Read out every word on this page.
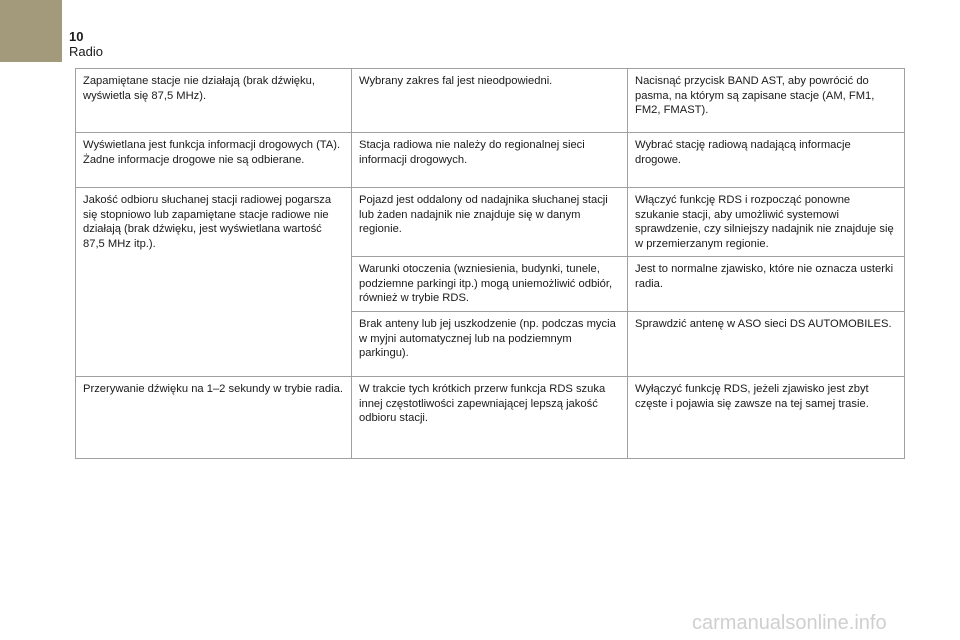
10
Radio
Zapamiętane stacje nie działają (brak dźwięku, wyświetla się 87,5 MHz).	Wybrany zakres fal jest nieodpowiedni.	Nacisnąć przycisk BAND AST, aby powrócić do pasma, na którym są zapisane stacje (AM, FM1, FM2, FMAST).
Wyświetlana jest funkcja informacji drogowych (TA). Żadne informacje drogowe nie są odbierane.	Stacja radiowa nie należy do regionalnej sieci informacji drogowych.	Wybrać stację radiową nadającą informacje drogowe.
Jakość odbioru słuchanej stacji radiowej pogarsza się stopniowo lub zapamiętane stacje radiowe nie działają (brak dźwięku, jest wyświetlana wartość 87,5 MHz itp.).	Pojazd jest oddalony od nadajnika słuchanej stacji lub żaden nadajnik nie znajduje się w danym regionie.	Włączyć funkcję RDS i rozpocząć ponowne szukanie stacji, aby umożliwić systemowi sprawdzenie, czy silniejszy nadajnik nie znajduje się w przemierzanym regionie.
	Warunki otoczenia (wzniesienia, budynki, tunele, podziemne parkingi itp.) mogą uniemożliwić odbiór, również w trybie RDS.	Jest to normalne zjawisko, które nie oznacza usterki radia.
	Brak anteny lub jej uszkodzenie (np. podczas mycia w myjni automatycznej lub na podziemnym parkingu).	Sprawdzić antenę w ASO sieci DS AUTOMOBILES.
Przerywanie dźwięku na 1–2 sekundy w trybie radia.	W trakcie tych krótkich przerw funkcja RDS szuka innej częstotliwości zapewniającej lepszą jakość odbioru stacji.	Wyłączyć funkcję RDS, jeżeli zjawisko jest zbyt częste i pojawia się zawsze na tej samej trasie.
carmanualsonline.info
